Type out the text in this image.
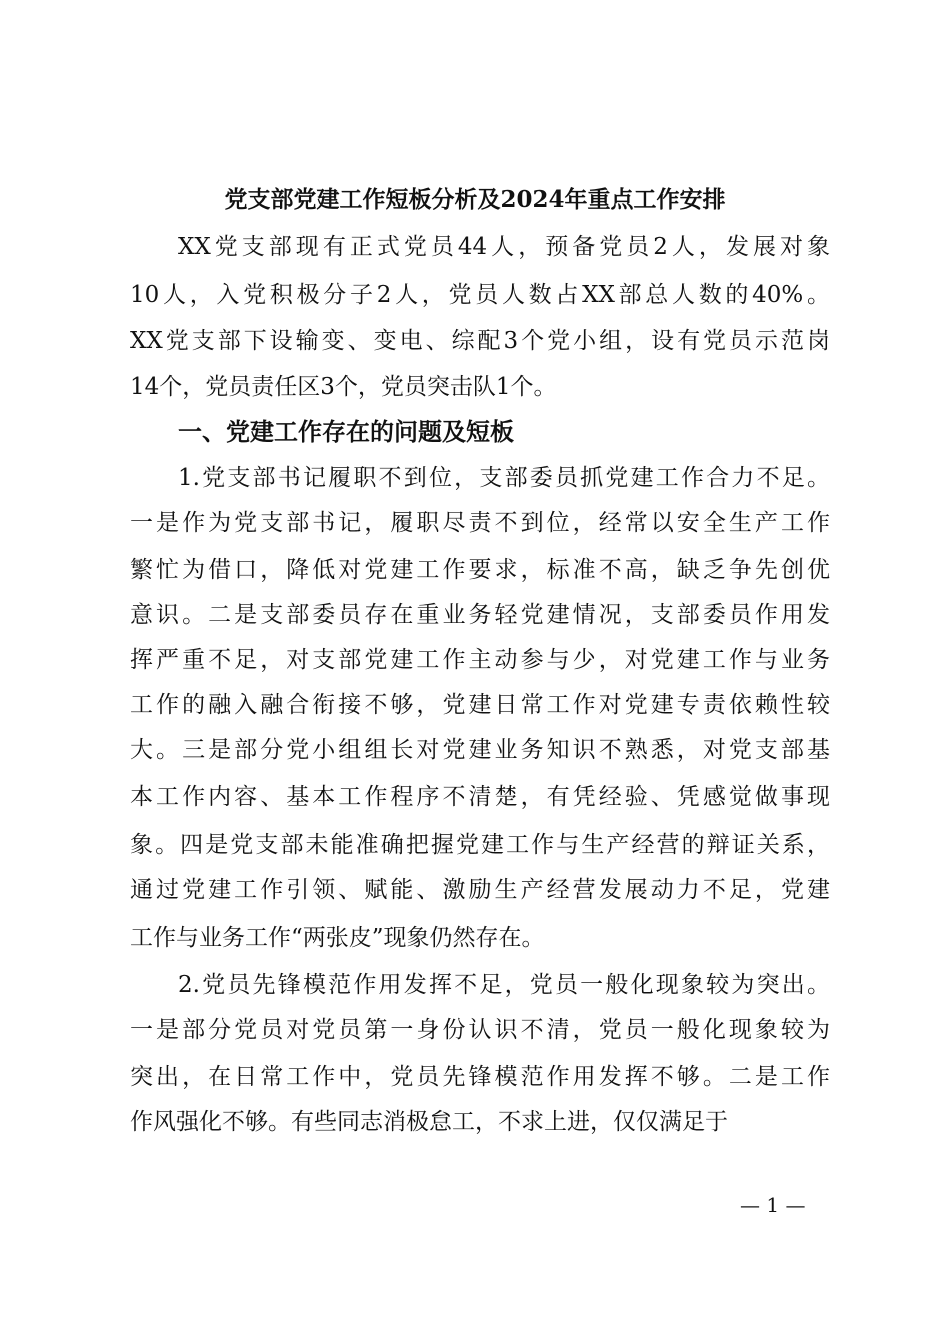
党支部党建工作短板分析及2024年重点工作安排
XX党支部现有正式党员44人，预备党员2人，发展对象
10人，入党积极分子2人，党员人数占XX部总人数的40%。
XX党支部下设输变、变电、综配3个党小组，设有党员示范岗
14个，党员责任区3个，党员突击队1个。
一、党建工作存在的问题及短板
1.党支部书记履职不到位，支部委员抓党建工作合力不足。
一是作为党支部书记，履职尽责不到位，经常以安全生产工作
繁忙为借口，降低对党建工作要求，标准不高，缺乏争先创优
意识。二是支部委员存在重业务轻党建情况，支部委员作用发
挥严重不足，对支部党建工作主动参与少，对党建工作与业务
工作的融入融合衔接不够，党建日常工作对党建专责依赖性较
大。三是部分党小组组长对党建业务知识不熟悉，对党支部基
本工作内容、基本工作程序不清楚，有凭经验、凭感觉做事现
象。四是党支部未能准确把握党建工作与生产经营的辩证关系，
通过党建工作引领、赋能、激励生产经营发展动力不足，党建
工作与业务工作“两张皮”现象仍然存在。
2.党员先锋模范作用发挥不足，党员一般化现象较为突出。
一是部分党员对党员第一身份认识不清，党员一般化现象较为
突出，在日常工作中，党员先锋模范作用发挥不够。二是工作
作风强化不够。有些同志消极怠工，不求上进，仅仅满足于
— 1 —
